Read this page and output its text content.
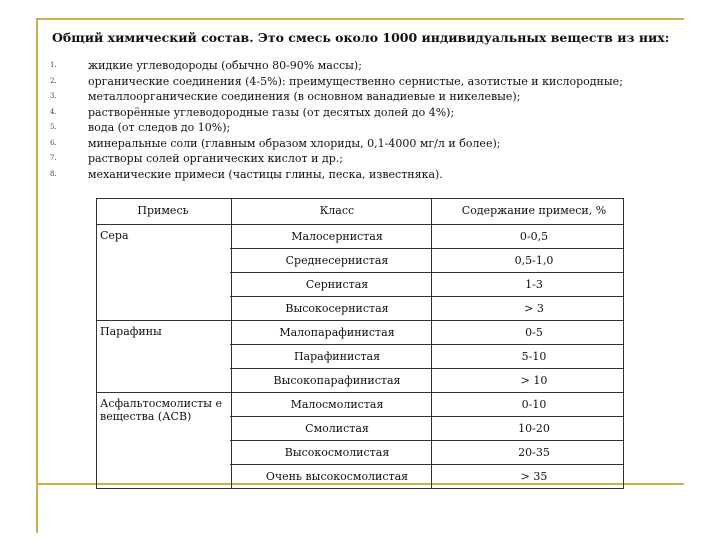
Общий химический состав. Это смесь около 1000 индивидуальных веществ из них:
1.	жидкие углеводороды (обычно 80-90% массы);
2.	органические соединения (4-5%): преимущественно сернистые, азотистые и кислородные;
3.	металлоорганические соединения (в основном ванадиевые и никелевые);
4.	растворённые углеводородные газы (от десятых долей до 4%);
5.	вода (от следов до 10%);
6.	минеральные соли (главным образом хлориды, 0,1-4000 мг/л и более);
7.	растворы солей органических кислот и др.;
8.	механические примеси (частицы глины, песка, известняка).
Примесь	Класс	Содержание примеси, %
Сера	Малосернистая	0-0,5
	Среднесернистая	0,5-1,0
	Сернистая	1-3
	Высокосернистая	> 3
Парафины	Малопарафинистая	0-5
	Парафинистая	5-10
	Высокопарафинистая	> 10
Асфальтосмолисты е вещества (АСВ)	Малосмолистая	0-10
	Смолистая	10-20
	Высокосмолистая	20-35
	Очень высокосмолистая	> 35
